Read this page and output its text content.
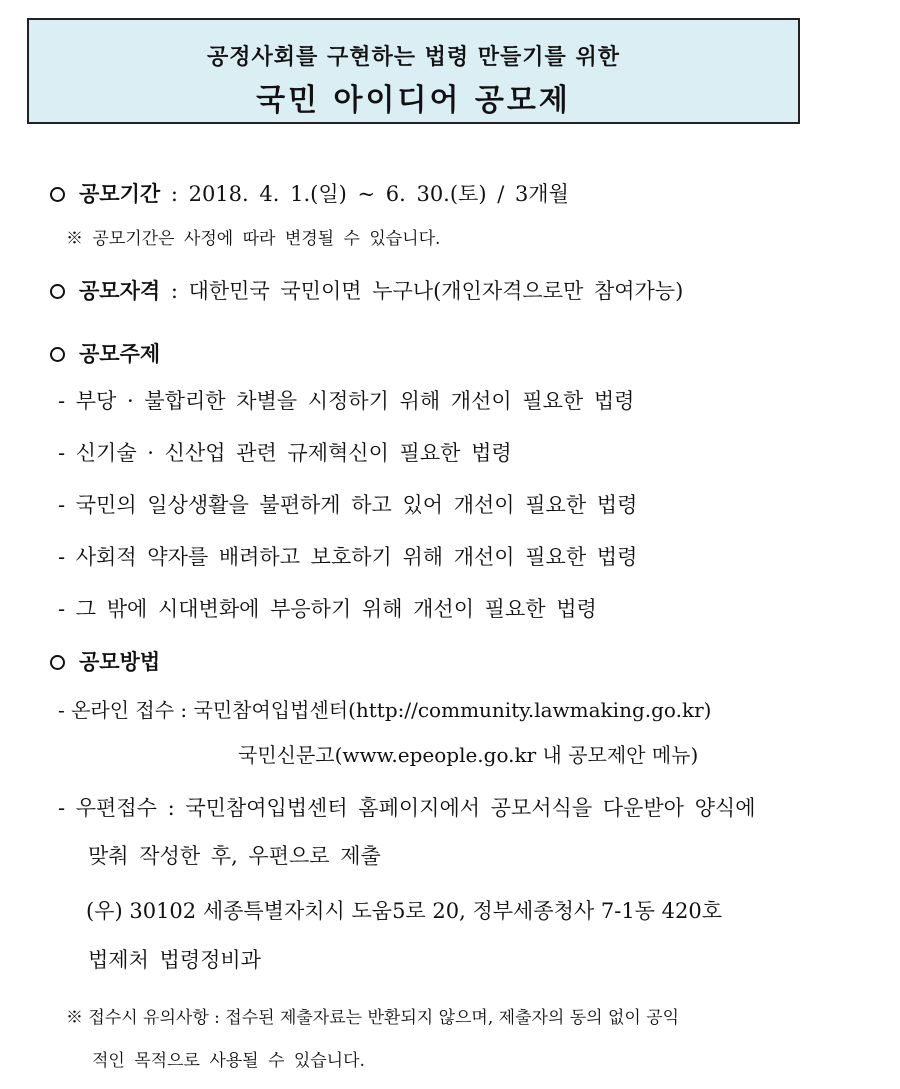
공정사회를 구현하는 법령 만들기를 위한
국민 아이디어 공모제
공모기간 : 2018. 4. 1.(일) ~ 6. 30.(토) / 3개월
※ 공모기간은 사정에 따라 변경될 수 있습니다.
공모자격 : 대한민국 국민이면 누구나(개인자격으로만 참여가능)
공모주제
- 부당 · 불합리한 차별을 시정하기 위해 개선이 필요한 법령
- 신기술 · 신산업 관련 규제혁신이 필요한 법령
- 국민의 일상생활을 불편하게 하고 있어 개선이 필요한 법령
- 사회적 약자를 배려하고 보호하기 위해 개선이 필요한 법령
- 그 밖에 시대변화에 부응하기 위해 개선이 필요한 법령
공모방법
- 온라인 접수 : 국민참여입법센터(http://community.lawmaking.go.kr)
국민신문고(www.epeople.go.kr 내 공모제안 메뉴)
- 우편접수 : 국민참여입법센터 홈페이지에서 공모서식을 다운받아 양식에
맞춰 작성한 후, 우편으로 제출
(우) 30102 세종특별자치시 도움5로 20, 정부세종청사 7-1동 420호
법제처 법령정비과
※ 접수시 유의사항 : 접수된 제출자료는 반환되지 않으며, 제출자의 동의 없이 공익
적인 목적으로 사용될 수 있습니다.
